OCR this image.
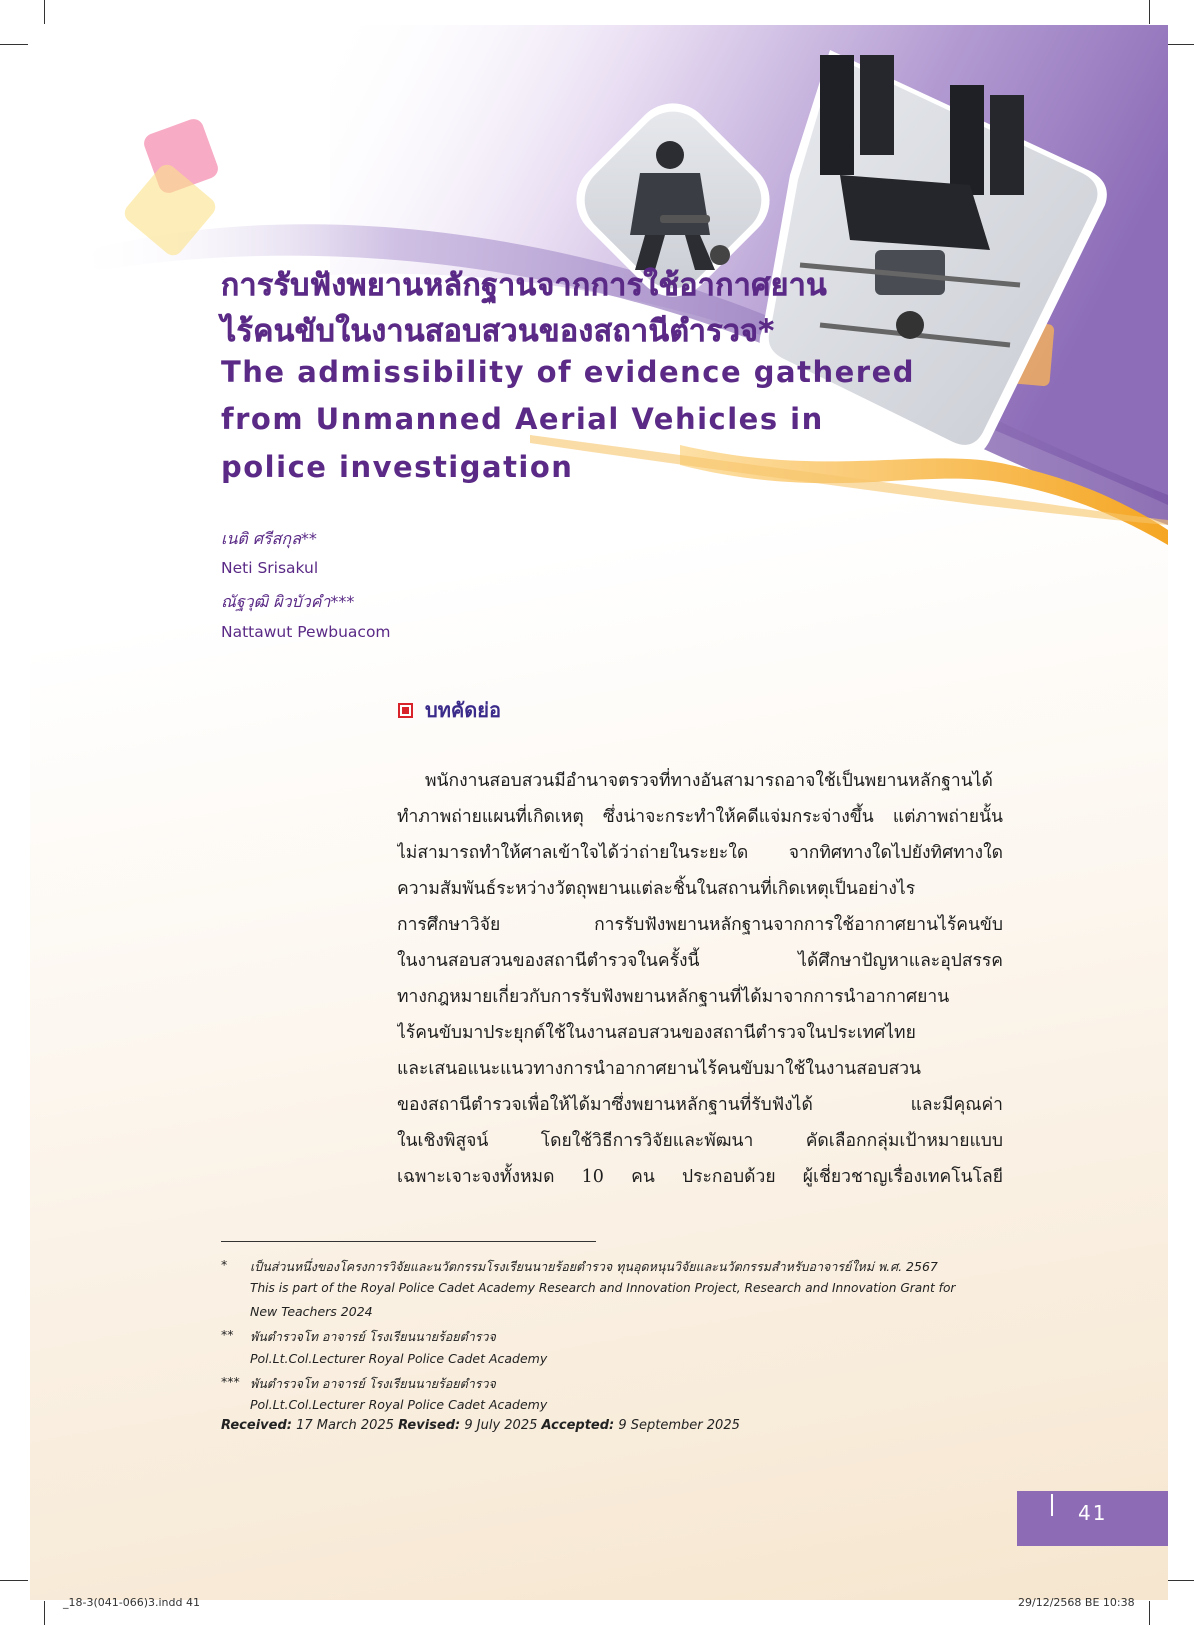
การรับฟังพยานหลักฐานจากการใช้อากาศยาน
ไร้คนขับในงานสอบสวนของสถานีตำรวจ*
The admissibility of evidence gathered
from Unmanned Aerial Vehicles in
police investigation
เนติ ศรีสกุล**
Neti Srisakul
ณัฐวุฒิ ผิวบัวคำ***
Nattawut Pewbuacom
บทคัดย่อ
พนักงานสอบสวนมีอำนาจตรวจที่ทางอันสามารถอาจใช้เป็นพยานหลักฐานได้
ทำภาพถ่ายแผนที่เกิดเหตุ ซึ่งน่าจะกระทำให้คดีแจ่มกระจ่างขึ้น แต่ภาพถ่ายนั้น
ไม่สามารถทำให้ศาลเข้าใจได้ว่าถ่ายในระยะใด จากทิศทางใดไปยังทิศทางใด
ความสัมพันธ์ระหว่างวัตถุพยานแต่ละชิ้นในสถานที่เกิดเหตุเป็นอย่างไร
การศึกษาวิจัย การรับฟังพยานหลักฐานจากการใช้อากาศยานไร้คนขับ
ในงานสอบสวนของสถานีตำรวจในครั้งนี้ ได้ศึกษาปัญหาและอุปสรรค
ทางกฎหมายเกี่ยวกับการรับฟังพยานหลักฐานที่ได้มาจากการนำอากาศยาน
ไร้คนขับมาประยุกต์ใช้ในงานสอบสวนของสถานีตำรวจในประเทศไทย
และเสนอแนะแนวทางการนำอากาศยานไร้คนขับมาใช้ในงานสอบสวน
ของสถานีตำรวจเพื่อให้ได้มาซึ่งพยานหลักฐานที่รับฟังได้ และมีคุณค่า
ในเชิงพิสูจน์ โดยใช้วิธีการวิจัยและพัฒนา คัดเลือกกลุ่มเป้าหมายแบบ
เฉพาะเจาะจงทั้งหมด 10 คน ประกอบด้วย ผู้เชี่ยวชาญเรื่องเทคโนโลยี
* เป็นส่วนหนึ่งของโครงการวิจัยและนวัตกรรมโรงเรียนนายร้อยตำรวจ ทุนอุดหนุนวิจัยและนวัตกรรมสำหรับอาจารย์ใหม่ พ.ศ. 2567
This is part of the Royal Police Cadet Academy Research and Innovation Project, Research and Innovation Grant for
New Teachers 2024
** พันตำรวจโท อาจารย์ โรงเรียนนายร้อยตำรวจ
Pol.Lt.Col.Lecturer Royal Police Cadet Academy
*** พันตำรวจโท อาจารย์ โรงเรียนนายร้อยตำรวจ
Pol.Lt.Col.Lecturer Royal Police Cadet Academy
Received: 17 March 2025 Revised: 9 July 2025 Accepted: 9 September 2025
41
_18-3(041-066)3.indd 41	29/12/2568 BE 10:38
